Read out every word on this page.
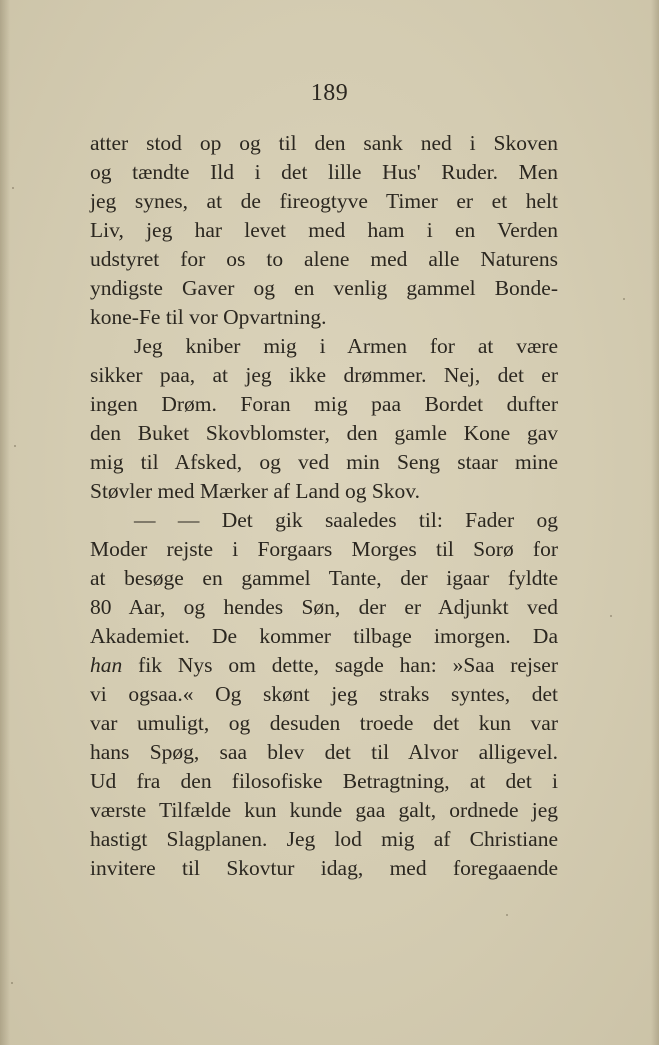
189
atter stod op og til den sank ned i Skoven
og tændte Ild i det lille Hus' Ruder. Men
jeg synes, at de fireogtyve Timer er et helt
Liv, jeg har levet med ham i en Verden
udstyret for os to alene med alle Naturens
yndigste Gaver og en venlig gammel Bonde-
kone-Fe til vor Opvartning.
Jeg kniber mig i Armen for at være
sikker paa, at jeg ikke drømmer. Nej, det er
ingen Drøm. Foran mig paa Bordet dufter
den Buket Skovblomster, den gamle Kone gav
mig til Afsked, og ved min Seng staar mine
Støvler med Mærker af Land og Skov.
— — Det gik saaledes til: Fader og
Moder rejste i Forgaars Morges til Sorø for
at besøge en gammel Tante, der igaar fyldte
80 Aar, og hendes Søn, der er Adjunkt ved
Akademiet. De kommer tilbage imorgen. Da
han fik Nys om dette, sagde han: »Saa rejser
vi ogsaa.« Og skønt jeg straks syntes, det
var umuligt, og desuden troede det kun var
hans Spøg, saa blev det til Alvor alligevel.
Ud fra den filosofiske Betragtning, at det i
værste Tilfælde kun kunde gaa galt, ordnede jeg
hastigt Slagplanen. Jeg lod mig af Christiane
invitere til Skovtur idag, med foregaaende
